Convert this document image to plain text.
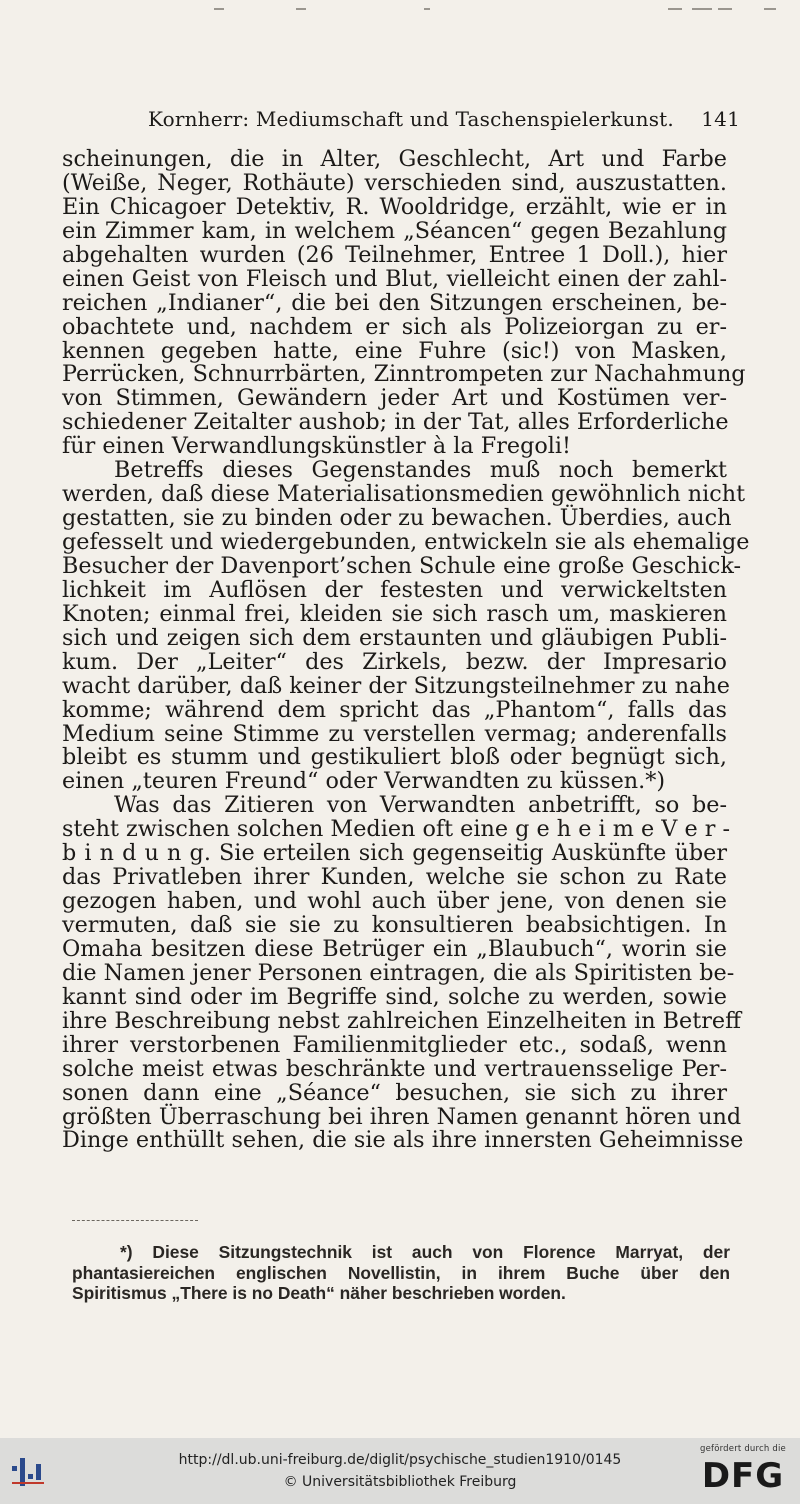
Kornherr: Mediumschaft und Taschenspielerkunst. 141
scheinungen, die in Alter, Geschlecht, Art und Farbe
(Weiße, Neger, Rothäute) verschieden sind, auszustatten.
Ein Chicagoer Detektiv, R. Wooldridge, erzählt, wie er in
ein Zimmer kam, in welchem „Séancen“ gegen Bezahlung
abgehalten wurden (26 Teilnehmer, Entree 1 Doll.), hier
einen Geist von Fleisch und Blut, vielleicht einen der zahl-
reichen „Indianer“, die bei den Sitzungen erscheinen, be-
obachtete und, nachdem er sich als Polizeiorgan zu er-
kennen gegeben hatte, eine Fuhre (sic!) von Masken,
Perrücken, Schnurrbärten, Zinntrompeten zur Nachahmung
von Stimmen, Gewändern jeder Art und Kostümen ver-
schiedener Zeitalter aushob; in der Tat, alles Erforderliche
für einen Verwandlungskünstler à la Fregoli!
Betreffs dieses Gegenstandes muß noch bemerkt
werden, daß diese Materialisationsmedien gewöhnlich nicht
gestatten, sie zu binden oder zu bewachen. Überdies, auch
gefesselt und wiedergebunden, entwickeln sie als ehemalige
Besucher der Davenport’schen Schule eine große Geschick-
lichkeit im Auflösen der festesten und verwickeltsten
Knoten; einmal frei, kleiden sie sich rasch um, maskieren
sich und zeigen sich dem erstaunten und gläubigen Publi-
kum. Der „Leiter“ des Zirkels, bezw. der Impresario
wacht darüber, daß keiner der Sitzungsteilnehmer zu nahe
komme; während dem spricht das „Phantom“, falls das
Medium seine Stimme zu verstellen vermag; anderenfalls
bleibt es stumm und gestikuliert bloß oder begnügt sich,
einen „teuren Freund“ oder Verwandten zu küssen.*)
Was das Zitieren von Verwandten anbetrifft, so be-
steht zwischen solchen Medien oft eine g e h e i m e V e r -
b i n d u n g. Sie erteilen sich gegenseitig Auskünfte über
das Privatleben ihrer Kunden, welche sie schon zu Rate
gezogen haben, und wohl auch über jene, von denen sie
vermuten, daß sie sie zu konsultieren beabsichtigen. In
Omaha besitzen diese Betrüger ein „Blaubuch“, worin sie
die Namen jener Personen eintragen, die als Spiritisten be-
kannt sind oder im Begriffe sind, solche zu werden, sowie
ihre Beschreibung nebst zahlreichen Einzelheiten in Betreff
ihrer verstorbenen Familienmitglieder etc., sodaß, wenn
solche meist etwas beschränkte und vertrauensselige Per-
sonen dann eine „Séance“ besuchen, sie sich zu ihrer
größten Überraschung bei ihren Namen genannt hören und
Dinge enthüllt sehen, die sie als ihre innersten Geheimnisse
*) Diese Sitzungstechnik ist auch von Florence Marryat, der
phantasiereichen englischen Novellistin, in ihrem Buche über den
Spiritismus „There is no Death“ näher beschrieben worden.
http://dl.ub.uni-freiburg.de/diglit/psychische_studien1910/0145
© Universitätsbibliothek Freiburg
gefördert durch die
DFG
